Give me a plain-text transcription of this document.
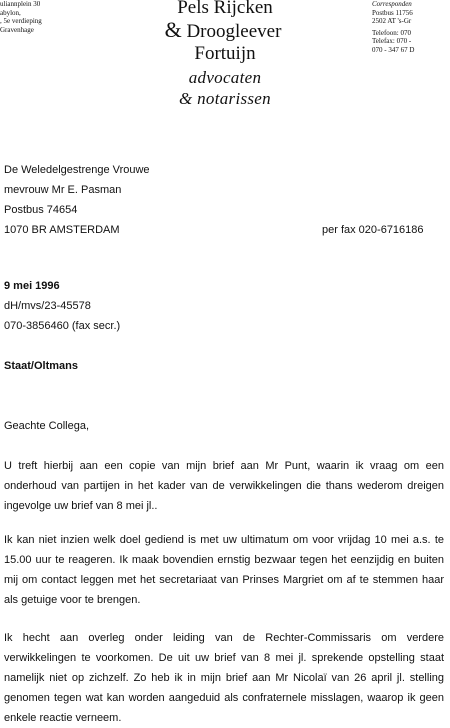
uliannplein 30
abylon,
, 5e verdieping
Gravenhage
Corresponden
Postbus 11756
2502 AT 's-Gr
Telefoon: 070
Telefax: 070 -
070 - 347 67 D
Pels Rijcken
& Droogleever
Fortuijn
advocaten
& notarissen
De Weledelgestrenge Vrouwe
mevrouw Mr E. Pasman
Postbus 74654
1070 BR AMSTERDAM	per fax 020-6716186
9 mei 1996
dH/mvs/23-45578
070-3856460 (fax secr.)
Staat/Oltmans
Geachte Collega,
U treft hierbij aan een copie van mijn brief aan Mr Punt, waarin ik vraag om een onderhoud van partijen in het kader van de verwikkelingen die thans wederom dreigen ingevolge uw brief van 8 mei jl..
Ik kan niet inzien welk doel gediend is met uw ultimatum om voor vrijdag 10 mei a.s. te 15.00 uur te reageren. Ik maak bovendien ernstig bezwaar tegen het eenzijdig en buiten mij om contact leggen met het secretariaat van Prinses Margriet om af te stemmen haar als getuige voor te brengen.
Ik hecht aan overleg onder leiding van de Rechter-Commissaris om verdere verwikkelingen te voorkomen. De uit uw brief van 8 mei jl. sprekende opstelling staat namelijk niet op zichzelf. Zo heb ik in mijn brief aan Mr Nicolaï van 26 april jl. stelling genomen tegen wat kan worden aangeduid als confraternele misslagen, waarop ik geen enkele reactie verneem.
